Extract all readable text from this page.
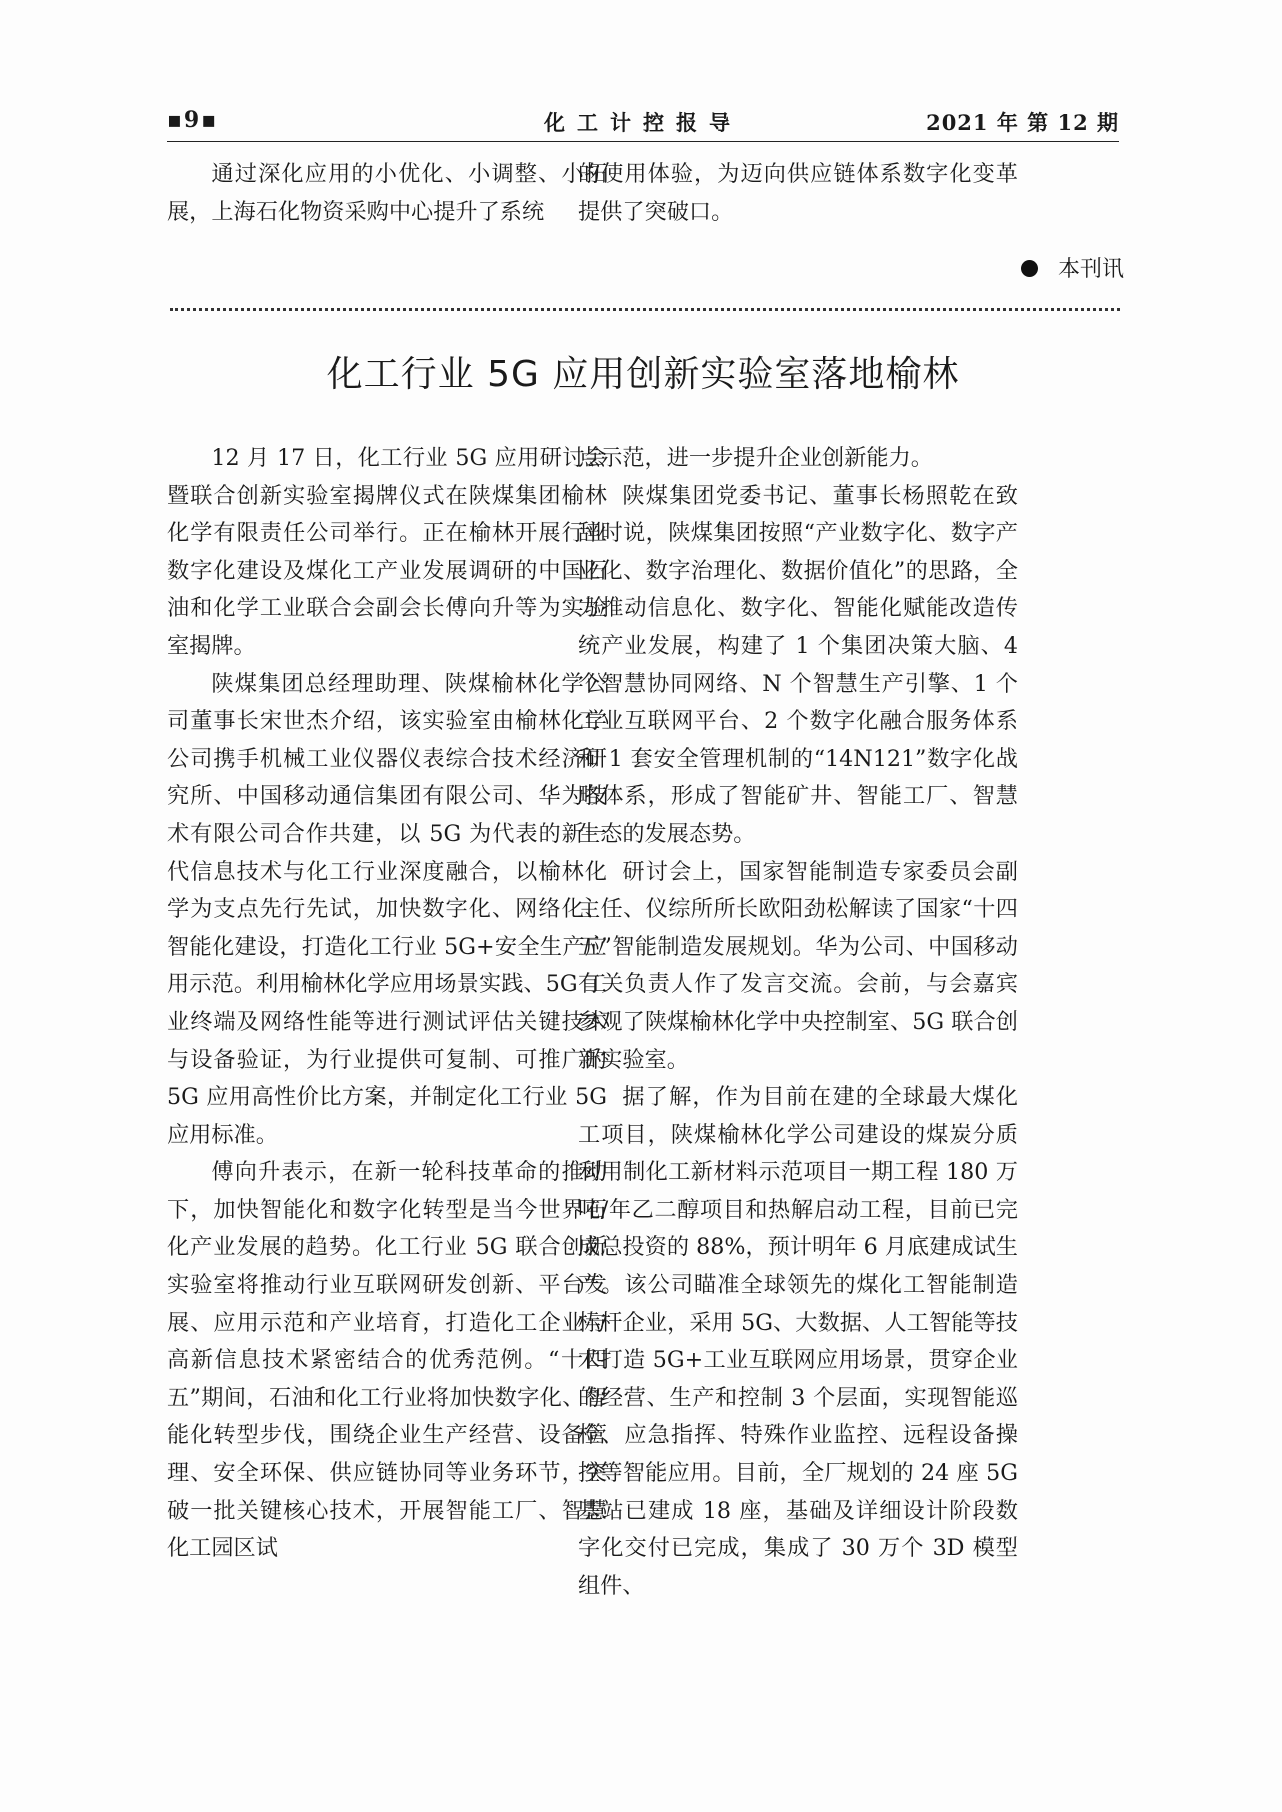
▪9▪	化工计控报导	2021 年 第 12 期
通过深化应用的小优化、小调整、小拓展，上海石化物资采购中心提升了系统
的使用体验，为迈向供应链体系数字化变革提供了突破口。
本刊讯
化工行业 5G 应用创新实验室落地榆林

12 月 17 日，化工行业 5G 应用研讨会暨联合创新实验室揭牌仪式在陕煤集团榆林化学有限责任公司举行。正在榆林开展行业数字化建设及煤化工产业发展调研的中国石油和化学工业联合会副会长傅向升等为实验室揭牌。

陕煤集团总经理助理、陕煤榆林化学公司董事长宋世杰介绍，该实验室由榆林化学公司携手机械工业仪器仪表综合技术经济研究所、中国移动通信集团有限公司、华为技术有限公司合作共建，以 5G 为代表的新一代信息技术与化工行业深度融合，以榆林化学为支点先行先试，加快数字化、网络化、智能化建设，打造化工行业 5G+安全生产应用示范。利用榆林化学应用场景实践、5G 工业终端及网络性能等进行测试评估关键技术与设备验证，为行业提供可复制、可推广的 5G 应用高性价比方案，并制定化工行业 5G 应用标准。

傅向升表示，在新一轮科技革命的推动下，加快智能化和数字化转型是当今世界石化产业发展的趋势。化工行业 5G 联合创新实验室将推动行业互联网研发创新、平台发展、应用示范和产业培育，打造化工企业与高新信息技术紧密结合的优秀范例。“十四五”期间，石油和化工行业将加快数字化、智能化转型步伐，围绕企业生产经营、设备管理、安全环保、供应链协同等业务环节，突破一批关键核心技术，开展智能工厂、智慧化工园区试

点示范，进一步提升企业创新能力。

陕煤集团党委书记、董事长杨照乾在致辞时说，陕煤集团按照“产业数字化、数字产业化、数字治理化、数据价值化”的思路，全力推动信息化、数字化、智能化赋能改造传统产业发展，构建了 1 个集团决策大脑、4 个智慧协同网络、N 个智慧生产引擎、1 个工业互联网平台、2 个数字化融合服务体系和 1 套安全管理机制的“14N121”数字化战略体系，形成了智能矿井、智能工厂、智慧生态的发展态势。

研讨会上，国家智能制造专家委员会副主任、仪综所所长欧阳劲松解读了国家“十四五”智能制造发展规划。华为公司、中国移动有关负责人作了发言交流。会前，与会嘉宾参观了陕煤榆林化学中央控制室、5G 联合创新实验室。

据了解，作为目前在建的全球最大煤化工项目，陕煤榆林化学公司建设的煤炭分质利用制化工新材料示范项目一期工程 180 万吨/年乙二醇项目和热解启动工程，目前已完成总投资的 88%，预计明年 6 月底建成试生产。该公司瞄准全球领先的煤化工智能制造标杆企业，采用 5G、大数据、人工智能等技术打造 5G+工业互联网应用场景，贯穿企业的经营、生产和控制 3 个层面，实现智能巡检、应急指挥、特殊作业监控、远程设备操控等智能应用。目前，全厂规划的 24 座 5G 基站已建成 18 座，基础及详细设计阶段数字化交付已完成，集成了 30 万个 3D 模型组件、
